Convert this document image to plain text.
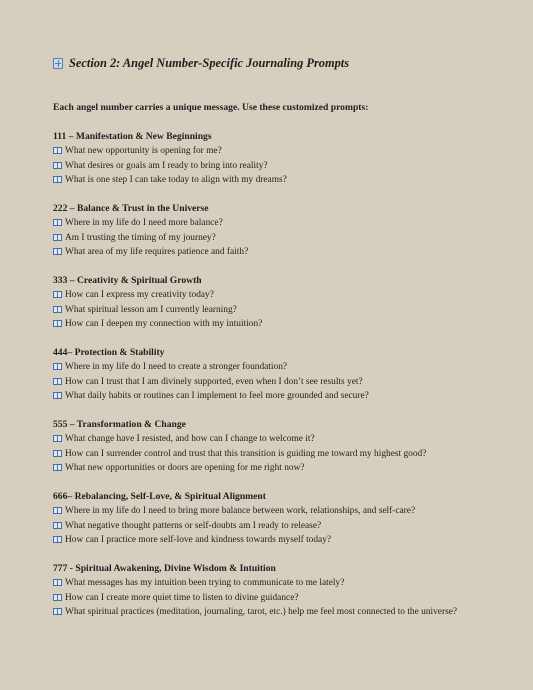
Section 2: Angel Number-Specific Journaling Prompts
Each angel number carries a unique message. Use these customized prompts:
111 – Manifestation & New Beginnings
What new opportunity is opening for me?
What desires or goals am I ready to bring into reality?
What is one step I can take today to align with my dreams?
222 – Balance & Trust in the Universe
Where in my life do I need more balance?
Am I trusting the timing of my journey?
What area of my life requires patience and faith?
333 – Creativity & Spiritual Growth
How can I express my creativity today?
What spiritual lesson am I currently learning?
How can I deepen my connection with my intuition?
444– Protection & Stability
Where in my life do I need to create a stronger foundation?
How can I trust that I am divinely supported, even when I don’t see results yet?
What daily habits or routines can I implement to feel more grounded and secure?
555 – Transformation & Change
What change have I resisted, and how can I change to welcome it?
How can I surrender control and trust that this transition is guiding me toward my highest good?
What new opportunities or doors are opening for me right now?
666– Rebalancing, Self-Love, & Spiritual Alignment
Where in my life do I need to bring more balance between work, relationships, and self-care?
What negative thought patterns or self-doubts am I ready to release?
How can I practice more self-love and kindness towards myself today?
777 - Spiritual Awakening, Divine Wisdom & Intuition
What messages has my intuition been trying to communicate to me lately?
How can I create more quiet time to listen to divine guidance?
What spiritual practices (meditation, journaling, tarot, etc.) help me feel most connected to the universe?
